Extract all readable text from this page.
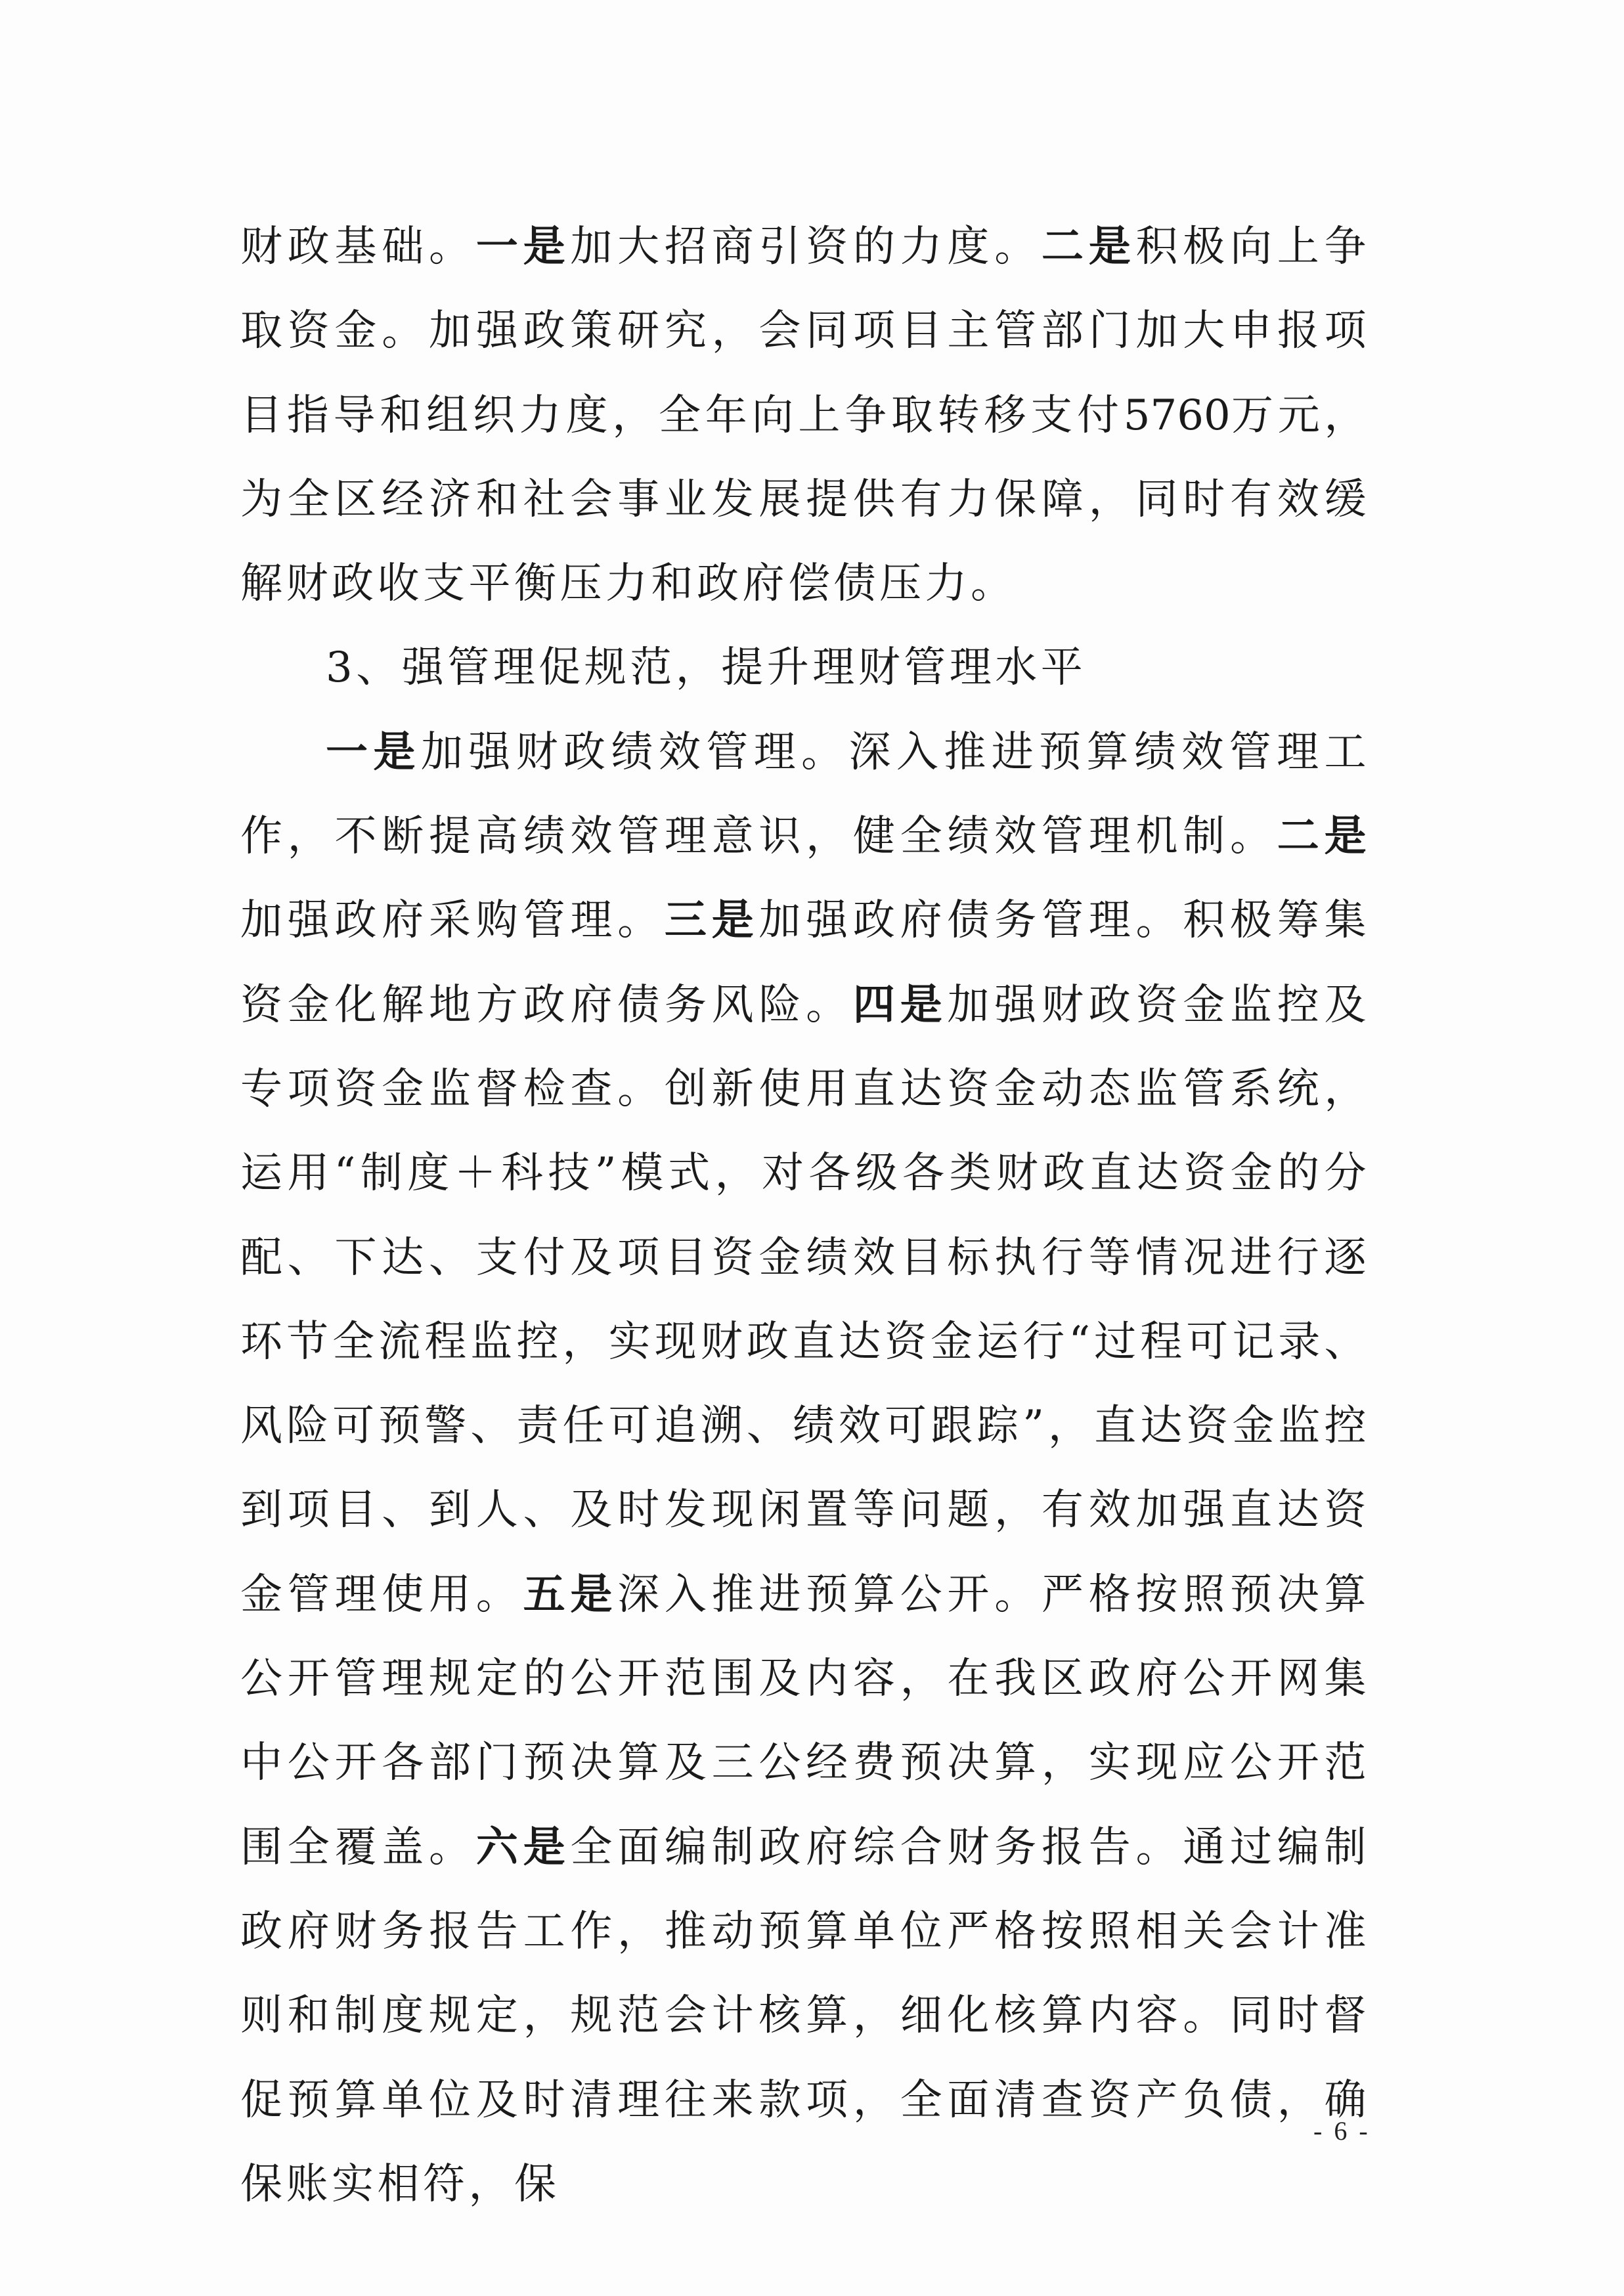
财政基础。一是加大招商引资的力度。二是积极向上争取资金。加强政策研究，会同项目主管部门加大申报项目指导和组织力度，全年向上争取转移支付5760万元，为全区经济和社会事业发展提供有力保障，同时有效缓解财政收支平衡压力和政府偿债压力。

3、强管理促规范，提升理财管理水平

一是加强财政绩效管理。深入推进预算绩效管理工作，不断提高绩效管理意识，健全绩效管理机制。二是加强政府采购管理。三是加强政府债务管理。积极筹集资金化解地方政府债务风险。四是加强财政资金监控及专项资金监督检查。创新使用直达资金动态监管系统，运用“制度＋科技”模式，对各级各类财政直达资金的分配、下达、支付及项目资金绩效目标执行等情况进行逐环节全流程监控，实现财政直达资金运行“过程可记录、风险可预警、责任可追溯、绩效可跟踪”，直达资金监控到项目、到人、及时发现闲置等问题，有效加强直达资金管理使用。五是深入推进预算公开。严格按照预决算公开管理规定的公开范围及内容，在我区政府公开网集中公开各部门预决算及三公经费预决算，实现应公开范围全覆盖。六是全面编制政府综合财务报告。通过编制政府财务报告工作，推动预算单位严格按照相关会计准则和制度规定，规范会计核算，细化核算内容。同时督促预算单位及时清理往来款项，全面清查资产负债，确保账实相符，保

- 6 -
